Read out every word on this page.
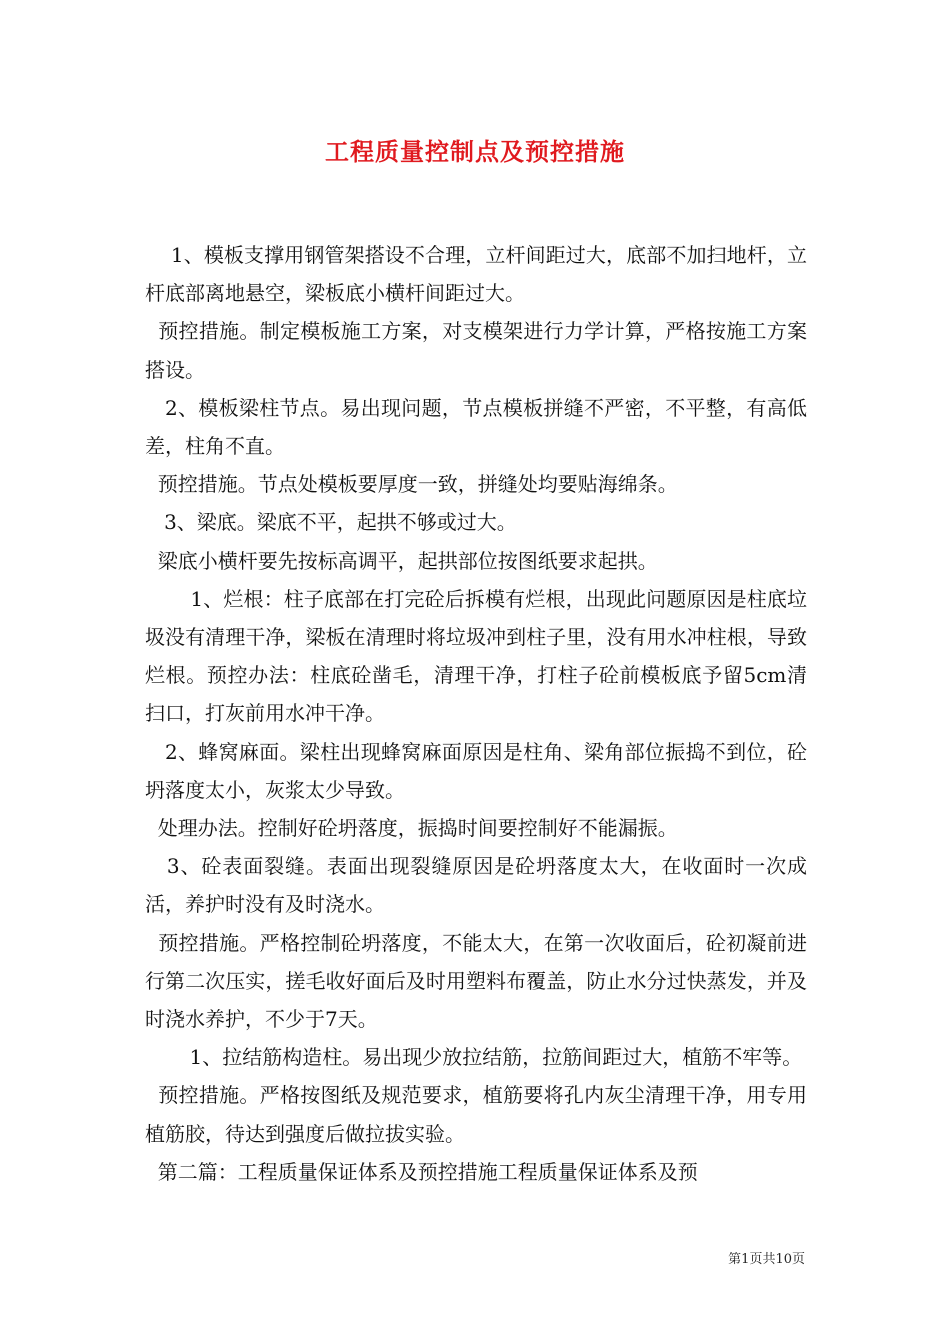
工程质量控制点及预控措施

1、模板支撑用钢管架搭设不合理，立杆间距过大，底部不加扫地杆，立杆底部离地悬空，梁板底小横杆间距过大。

预控措施。制定模板施工方案，对支模架进行力学计算，严格按施工方案搭设。

2、模板梁柱节点。易出现问题，节点模板拼缝不严密，不平整，有高低差，柱角不直。

预控措施。节点处模板要厚度一致，拼缝处均要贴海绵条。

3、梁底。梁底不平，起拱不够或过大。

梁底小横杆要先按标高调平，起拱部位按图纸要求起拱。

1、烂根：柱子底部在打完砼后拆模有烂根，出现此问题原因是柱底垃圾没有清理干净，梁板在清理时将垃圾冲到柱子里，没有用水冲柱根，导致烂根。预控办法：柱底砼凿毛，清理干净，打柱子砼前模板底予留5cm清扫口，打灰前用水冲干净。

2、蜂窝麻面。梁柱出现蜂窝麻面原因是柱角、梁角部位振捣不到位，砼坍落度太小，灰浆太少导致。

处理办法。控制好砼坍落度，振捣时间要控制好不能漏振。

3、砼表面裂缝。表面出现裂缝原因是砼坍落度太大，在收面时一次成活，养护时没有及时浇水。

预控措施。严格控制砼坍落度，不能太大，在第一次收面后，砼初凝前进行第二次压实，搓毛收好面后及时用塑料布覆盖，防止水分过快蒸发，并及时浇水养护，不少于7天。

1、拉结筋构造柱。易出现少放拉结筋，拉筋间距过大，植筋不牢等。

预控措施。严格按图纸及规范要求，植筋要将孔内灰尘清理干净，用专用植筋胶，待达到强度后做拉拔实验。

第二篇：工程质量保证体系及预控措施工程质量保证体系及预

第1页共10页
